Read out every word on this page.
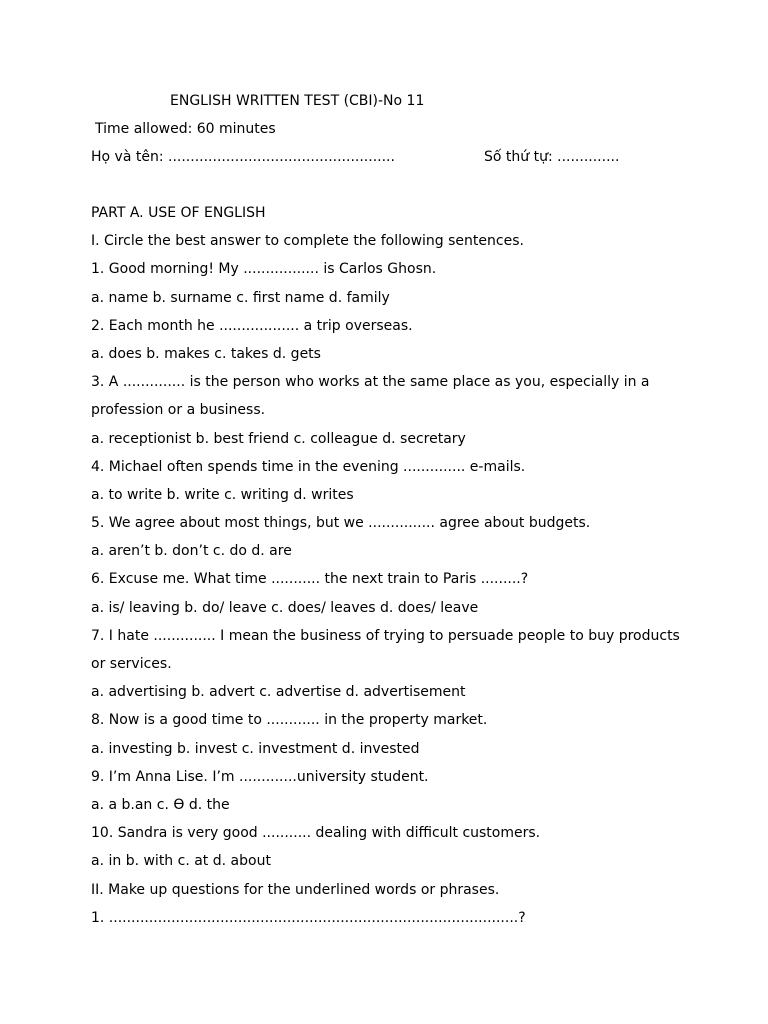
ENGLISH WRITTEN TEST (CBI)-No 11
Time allowed: 60 minutes
Họ và tên: ...................................................	Số thứ tự: ..............
PART A. USE OF ENGLISH
I. Circle the best answer to complete the following sentences.
1. Good morning! My ................. is Carlos Ghosn.
a. name b. surname c. first name d. family
2. Each month he .................. a trip overseas.
a. does b. makes c. takes d. gets
3. A .............. is the person who works at the same place as you, especially in a
profession or a business.
a. receptionist b. best friend c. colleague d. secretary
4. Michael often spends time in the evening .............. e-mails.
a. to write b. write c. writing d. writes
5. We agree about most things, but we ............... agree about budgets.
a. aren’t b. don’t c. do d. are
6. Excuse me. What time ........... the next train to Paris .........?
a. is/ leaving b. do/ leave c. does/ leaves d. does/ leave
7. I hate .............. I mean the business of trying to persuade people to buy products
or services.
a. advertising b. advert c. advertise d. advertisement
8. Now is a good time to ............ in the property market.
a. investing b. invest c. investment d. invested
9. I’m Anna Lise. I’m .............university student.
a. a b.an c. Ɵ d. the
10. Sandra is very good ........... dealing with difficult customers.
a. in b. with c. at d. about
II. Make up questions for the underlined words or phrases.
1. ............................................................................................?
